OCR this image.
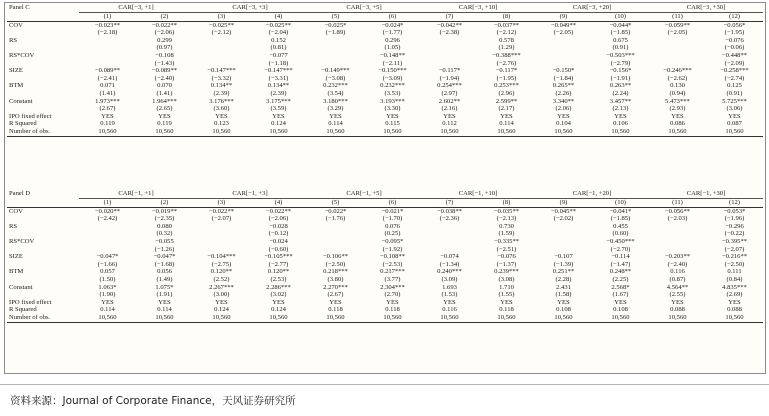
Panel C	CAR[−3, +1]		CAR[−3, +3]		CAR[−3, +5]		CAR[−3, +10]		CAR[−3, +20]		CAR[−3, +30]	
	(1)	(2)	(3)	(4)	(5)	(6)	(7)	(8)	(9)	(10)	(11)	(12)
COV	−0.023**	−0.022**	−0.025**	−0.025**	−0.025*	−0.024*	−0.042**	−0.037**	−0.049**	−0.044*	−0.059**	−0.056*
	(−2.18)	(−2.06)	(−2.12)	(−2.04)	(−1.89)	(−1.77)	(−2.38)	(−2.12)	(−2.05)	(−1.85)	(−2.05)	(−1.95)
RS		0.299		0.152		0.296		0.578		0.675		−0.076
		(0.97)		(0.81)		(1.05)		(1.29)		(0.91)		(−0.06)
RS*COV		−0.108		−0.077		−0.148**		−0.388***		−0.503***		−0.448**
		(−1.43)		(−1.18)		(−2.11)		(−2.76)		(−2.79)		(−2.09)
SIZE	−0.089**	−0.089**	−0.147***	−0.147***	−0.149***	−0.150***	−0.117*	−0.117*	−0.150*	−0.156*	−0.246***	−0.258***
	(−2.41)	(−2.40)	(−3.32)	(−3.31)	(−3.08)	(−3.09)	(−1.94)	(−1.95)	(−1.84)	(−1.91)	(−2.62)	(−2.74)
BTM	0.071	0.070	0.134**	0.134**	0.232***	0.232***	0.254***	0.253***	0.265**	0.263**	0.130	0.125
	(1.41)	(1.41)	(2.39)	(2.39)	(3.54)	(3.53)	(2.97)	(2.96)	(2.26)	(2.24)	(0.94)	(0.91)
Constant	1.973***	1.964***	3.176***	3.175***	3.180***	3.193***	2.602**	2.599**	3.340**	3.457**	5.473***	5.725***
	(2.67)	(2.65)	(3.60)	(3.59)	(3.29)	(3.30)	(2.16)	(2.17)	(2.06)	(2.13)	(2.93)	(3.06)
IPO fixed effect	YES	YES	YES	YES	YES	YES	YES	YES	YES	YES	YES	YES
R Squared	0.119	0.119	0.123	0.124	0.114	0.115	0.112	0.114	0.104	0.106	0.086	0.087
Number of obs.	10,560	10,560	10,560	10,560	10,560	10,560	10,560	10,560	10,560	10,560	10,560	10,560
Panel D	CAR[−1, +1]		CAR[−1, +3]		CAR[−1, +5]		CAR[−1, +10]		CAR[−1, +20]		CAR[−1, +30]	
	(1)	(2)	(3)	(4)	(5)	(6)	(7)	(8)	(9)	(10)	(11)	(12)
COV	−0.020**	−0.019**	−0.022**	−0.022**	−0.022*	−0.021*	−0.038**	−0.035**	−0.045**	−0.041*	−0.056**	−0.053*
	(−2.42)	(−2.35)	(−2.07)	(−2.06)	(−1.76)	(−1.70)	(−2.36)	(−2.13)	(−2.02)	(−1.85)	(−2.03)	(−1.96)
RS		0.080		−0.028		0.076		0.730		0.455		−0.296
		(0.32)		(−0.12)		(0.25)		(1.59)		(0.60)		(−0.22)
RS*COV		−0.055		−0.024		−0.095*		−0.335**		−0.450***		−0.395**
		(−1.26)		(−0.60)		(−1.92)		(−2.51)		(−2.70)		(−2.07)
SIZE	−0.047*	−0.047*	−0.104***	−0.105***	−0.106**	−0.108**	−0.074	−0.076	−0.107	−0.114	−0.203**	−0.216**
	(−1.66)	(−1.68)	(−2.75)	(−2.77)	(−2.50)	(−2.53)	(−1.34)	(−1.37)	(−1.39)	(−1.47)	(−2.40)	(−2.50)
BTM	0.057	0.056	0.120**	0.120**	0.218***	0.217***	0.240***	0.239***	0.251**	0.248**	0.116	0.111
	(1.50)	(1.49)	(2.52)	(2.53)	(3.80)	(3.77)	(3.09)	(3.08)	(2.28)	(2.25)	(0.87)	(0.84)
Constant	1.063*	1.075*	2.267***	2.286***	2.270***	2.304***	1.693	1.710	2.431	2.568*	4.564**	4.835***
	(1.90)	(1.91)	(3.00)	(3.02)	(2.67)	(2.70)	(1.53)	(1.55)	(1.58)	(1.67)	(2.55)	(2.69)
IPO fixed effect	YES	YES	YES	YES	YES	YES	YES	YES	YES	YES	YES	YES
R Squared	0.114	0.114	0.124	0.124	0.118	0.118	0.116	0.118	0.108	0.108	0.088	0.088
Number of obs.	10,560	10,560	10,560	10,560	10,560	10,560	10,560	10,560	10,560	10,560	10,560	10,560
资料来源：Journal of Corporate Finance，天风证券研究所
